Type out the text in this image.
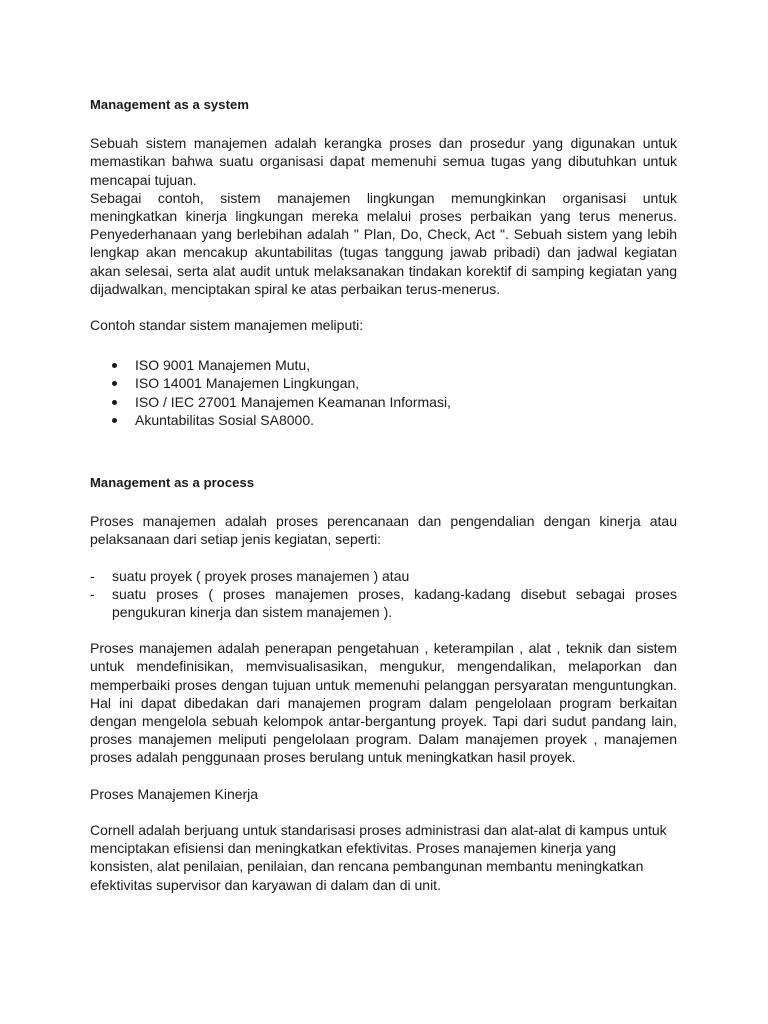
Management as a system

Sebuah sistem manajemen adalah kerangka proses dan prosedur yang digunakan untuk memastikan bahwa suatu organisasi dapat memenuhi semua tugas yang dibutuhkan untuk mencapai tujuan.

Sebagai contoh, sistem manajemen lingkungan memungkinkan organisasi untuk meningkatkan kinerja lingkungan mereka melalui proses perbaikan yang terus menerus. Penyederhanaan yang berlebihan adalah " Plan, Do, Check, Act ". Sebuah sistem yang lebih lengkap akan mencakup akuntabilitas (tugas tanggung jawab pribadi) dan jadwal kegiatan akan selesai, serta alat audit untuk melaksanakan tindakan korektif di samping kegiatan yang dijadwalkan, menciptakan spiral ke atas perbaikan terus-menerus.

Contoh standar sistem manajemen meliputi:

ISO 9001 Manajemen Mutu,
ISO 14001 Manajemen Lingkungan,
ISO / IEC 27001 Manajemen Keamanan Informasi,
Akuntabilitas Sosial SA8000.
Management as a process

Proses manajemen adalah proses perencanaan dan pengendalian dengan kinerja atau pelaksanaan dari setiap jenis kegiatan, seperti:

- suatu proyek ( proyek proses manajemen ) atau
- suatu proses ( proses manajemen proses, kadang-kadang disebut sebagai proses pengukuran kinerja dan sistem manajemen ).

Proses manajemen adalah penerapan pengetahuan , keterampilan , alat , teknik dan sistem untuk mendefinisikan, memvisualisasikan, mengukur, mengendalikan, melaporkan dan memperbaiki proses dengan tujuan untuk memenuhi pelanggan persyaratan menguntungkan. Hal ini dapat dibedakan dari manajemen program dalam pengelolaan program berkaitan dengan mengelola sebuah kelompok antar-bergantung proyek. Tapi dari sudut pandang lain, proses manajemen meliputi pengelolaan program. Dalam manajemen proyek , manajemen proses adalah penggunaan proses berulang untuk meningkatkan hasil proyek.

Proses Manajemen Kinerja

Cornell adalah berjuang untuk standarisasi proses administrasi dan alat-alat di kampus untuk menciptakan efisiensi dan meningkatkan efektivitas. Proses manajemen kinerja yang konsisten, alat penilaian, penilaian, dan rencana pembangunan membantu meningkatkan efektivitas supervisor dan karyawan di dalam dan di unit.
